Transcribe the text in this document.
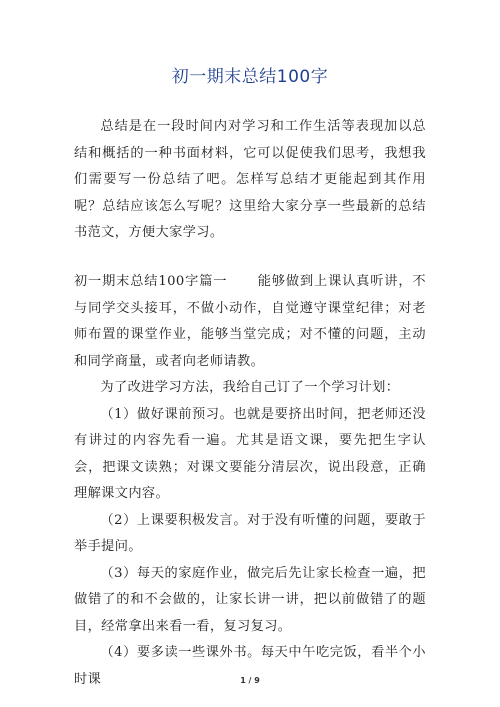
初一期末总结100字

总结是在一段时间内对学习和工作生活等表现加以总结和概括的一种书面材料，它可以促使我们思考，我想我们需要写一份总结了吧。怎样写总结才更能起到其作用呢？总结应该怎么写呢？这里给大家分享一些最新的总结书范文，方便大家学习。

初一期末总结100字篇一 能够做到上课认真听讲，不与同学交头接耳，不做小动作，自觉遵守课堂纪律；对老师布置的课堂作业，能够当堂完成；对不懂的问题，主动和同学商量，或者向老师请教。

为了改进学习方法，我给自己订了一个学习计划：

（1）做好课前预习。也就是要挤出时间，把老师还没有讲过的内容先看一遍。尤其是语文课，要先把生字认会，把课文读熟；对课文要能分清层次，说出段意，正确理解课文内容。

（2）上课要积极发言。对于没有听懂的问题，要敢于举手提问。

（3）每天的家庭作业，做完后先让家长检查一遍，把做错了的和不会做的，让家长讲一讲，把以前做错了的题目，经常拿出来看一看，复习复习。

（4）要多读一些课外书。每天中午吃完饭，看半个小时课	1 / 9
